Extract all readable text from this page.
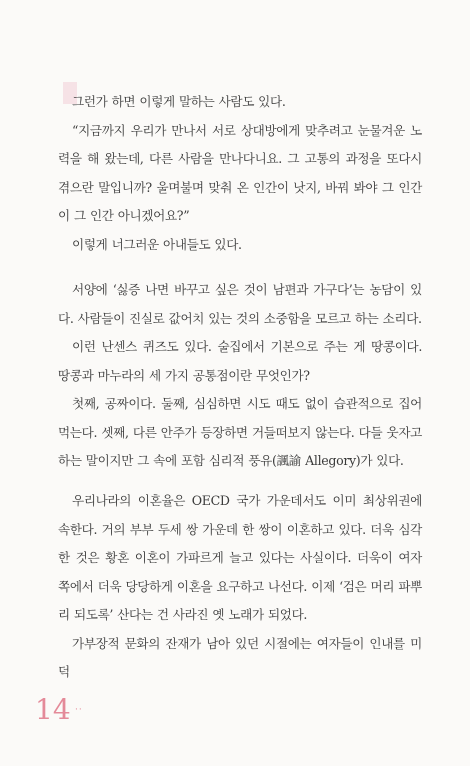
그런가 하면 이렇게 말하는 사람도 있다.

“지금까지 우리가 만나서 서로 상대방에게 맞추려고 눈물겨운 노력을 해 왔는데, 다른 사람을 만나다니요. 그 고통의 과정을 또다시 겪으란 말입니까? 울며불며 맞춰 온 인간이 낫지, 바꿔 봐야 그 인간이 그 인간 아니겠어요?”

이렇게 너그러운 아내들도 있다.

서양에 ‘싫증 나면 바꾸고 싶은 것이 남편과 가구다’는 농담이 있다. 사람들이 진실로 값어치 있는 것의 소중함을 모르고 하는 소리다.

이런 난센스 퀴즈도 있다. 술집에서 기본으로 주는 게 땅콩이다. 땅콩과 마누라의 세 가지 공통점이란 무엇인가?

첫째, 공짜이다. 둘째, 심심하면 시도 때도 없이 습관적으로 집어먹는다. 셋째, 다른 안주가 등장하면 거들떠보지 않는다. 다들 웃자고 하는 말이지만 그 속에 포함 심리적 풍유(諷諭 Allegory)가 있다.

우리나라의 이혼율은 OECD 국가 가운데서도 이미 최상위권에 속한다. 거의 부부 두세 쌍 가운데 한 쌍이 이혼하고 있다. 더욱 심각한 것은 황혼 이혼이 가파르게 늘고 있다는 사실이다. 더욱이 여자 쪽에서 더욱 당당하게 이혼을 요구하고 나선다. 이제 ‘검은 머리 파뿌리 되도록’ 산다는 건 사라진 옛 노래가 되었다.

가부장적 문화의 잔재가 남아 있던 시절에는 여자들이 인내를 미덕

14 ··
